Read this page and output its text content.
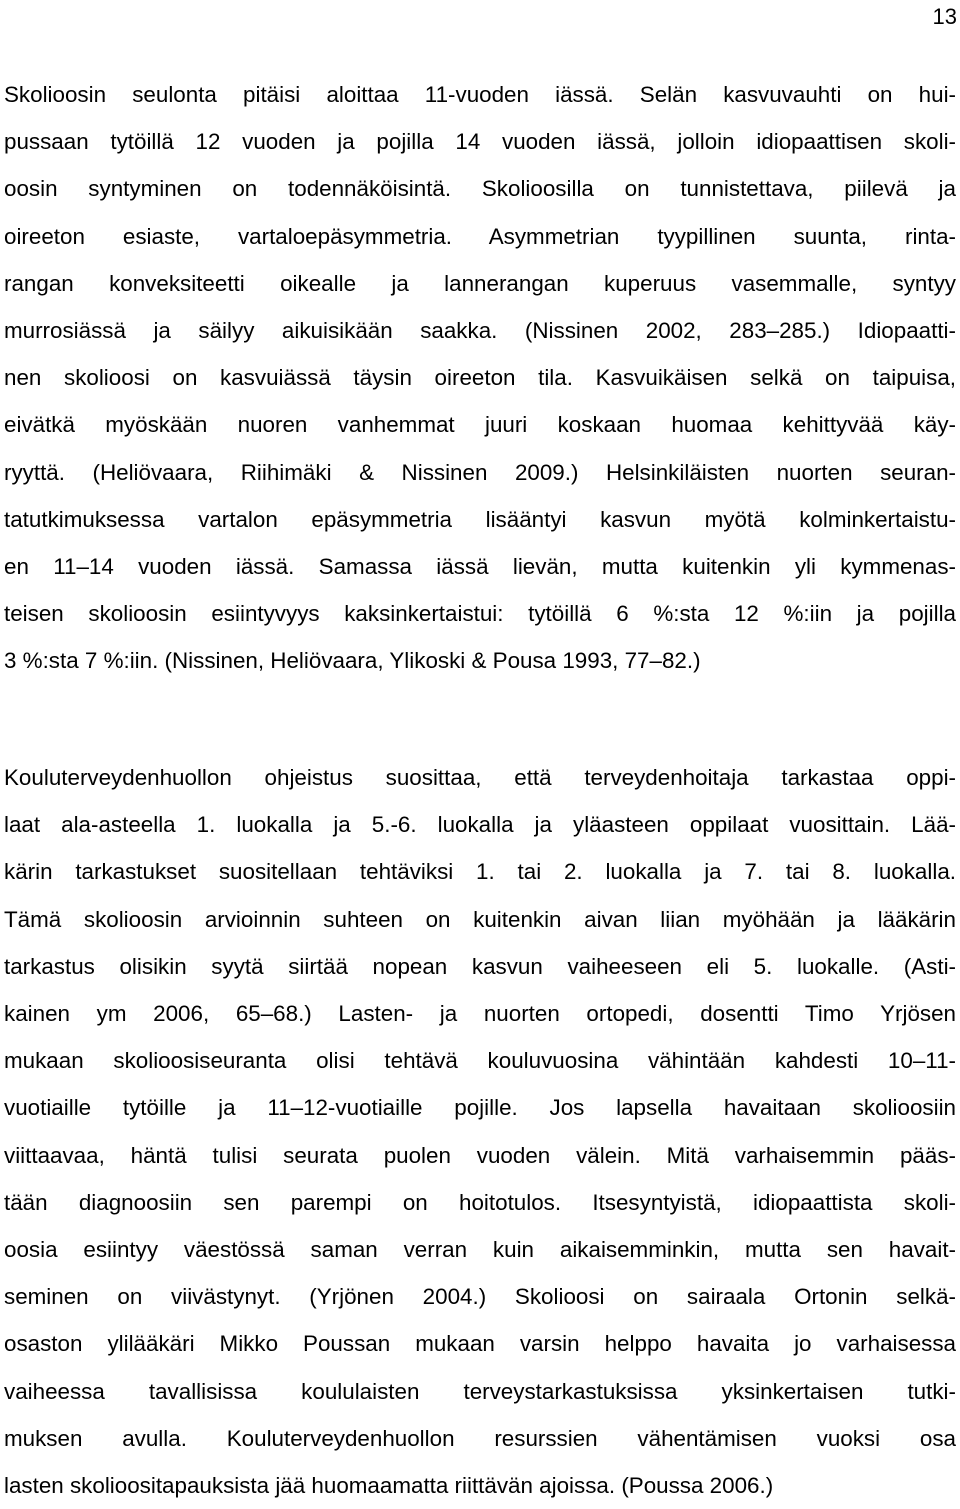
13
Skolioosin seulonta pitäisi aloittaa 11-vuoden iässä. Selän kasvuvauhti on hui-
pussaan tytöillä 12 vuoden ja pojilla 14 vuoden iässä, jolloin idiopaattisen skoli-
oosin syntyminen on todennäköisintä. Skolioosilla on tunnistettava, piilevä ja
oireeton esiaste, vartaloepäsymmetria. Asymmetrian tyypillinen suunta, rinta-
rangan konveksiteetti oikealle ja lannerangan kuperuus vasemmalle, syntyy
murrosiässä ja säilyy aikuisikään saakka. (Nissinen 2002, 283–285.) Idiopaatti-
nen skolioosi on kasvuiässä täysin oireeton tila. Kasvuikäisen selkä on taipuisa,
eivätkä myöskään nuoren vanhemmat juuri koskaan huomaa kehittyvää käy-
ryyttä. (Heliövaara, Riihimäki & Nissinen 2009.) Helsinkiläisten nuorten seuran-
tatutkimuksessa vartalon epäsymmetria lisääntyi kasvun myötä kolminkertaistu-
en 11–14 vuoden iässä. Samassa iässä lievän, mutta kuitenkin yli kymmenas-
teisen skolioosin esiintyvyys kaksinkertaistui: tytöillä 6 %:sta 12 %:iin ja pojilla
3 %:sta 7 %:iin. (Nissinen, Heliövaara, Ylikoski & Pousa 1993, 77–82.)
Kouluterveydenhuollon ohjeistus suosittaa, että terveydenhoitaja tarkastaa oppi-
laat ala-asteella 1. luokalla ja 5.-6. luokalla ja yläasteen oppilaat vuosittain. Lää-
kärin tarkastukset suositellaan tehtäviksi 1. tai 2. luokalla ja 7. tai 8. luokalla.
Tämä skolioosin arvioinnin suhteen on kuitenkin aivan liian myöhään ja lääkärin
tarkastus olisikin syytä siirtää nopean kasvun vaiheeseen eli 5. luokalle. (Asti-
kainen ym 2006, 65–68.) Lasten- ja nuorten ortopedi, dosentti Timo Yrjösen
mukaan skolioosiseuranta olisi tehtävä kouluvuosina vähintään kahdesti 10–11-
vuotiaille tytöille ja 11–12-vuotiaille pojille. Jos lapsella havaitaan skolioosiin
viittaavaa, häntä tulisi seurata puolen vuoden välein. Mitä varhaisemmin pääs-
tään diagnoosiin sen parempi on hoitotulos. Itsesyntyistä, idiopaattista skoli-
oosia esiintyy väestössä saman verran kuin aikaisemminkin, mutta sen havait-
seminen on viivästynyt. (Yrjönen 2004.) Skolioosi on sairaala Ortonin selkä-
osaston ylilääkäri Mikko Poussan mukaan varsin helppo havaita jo varhaisessa
vaiheessa tavallisissa koululaisten terveystarkastuksissa yksinkertaisen tutki-
muksen avulla. Kouluterveydenhuollon resurssien vähentämisen vuoksi osa
lasten skolioositapauksista jää huomaamatta riittävän ajoissa. (Poussa 2006.)
